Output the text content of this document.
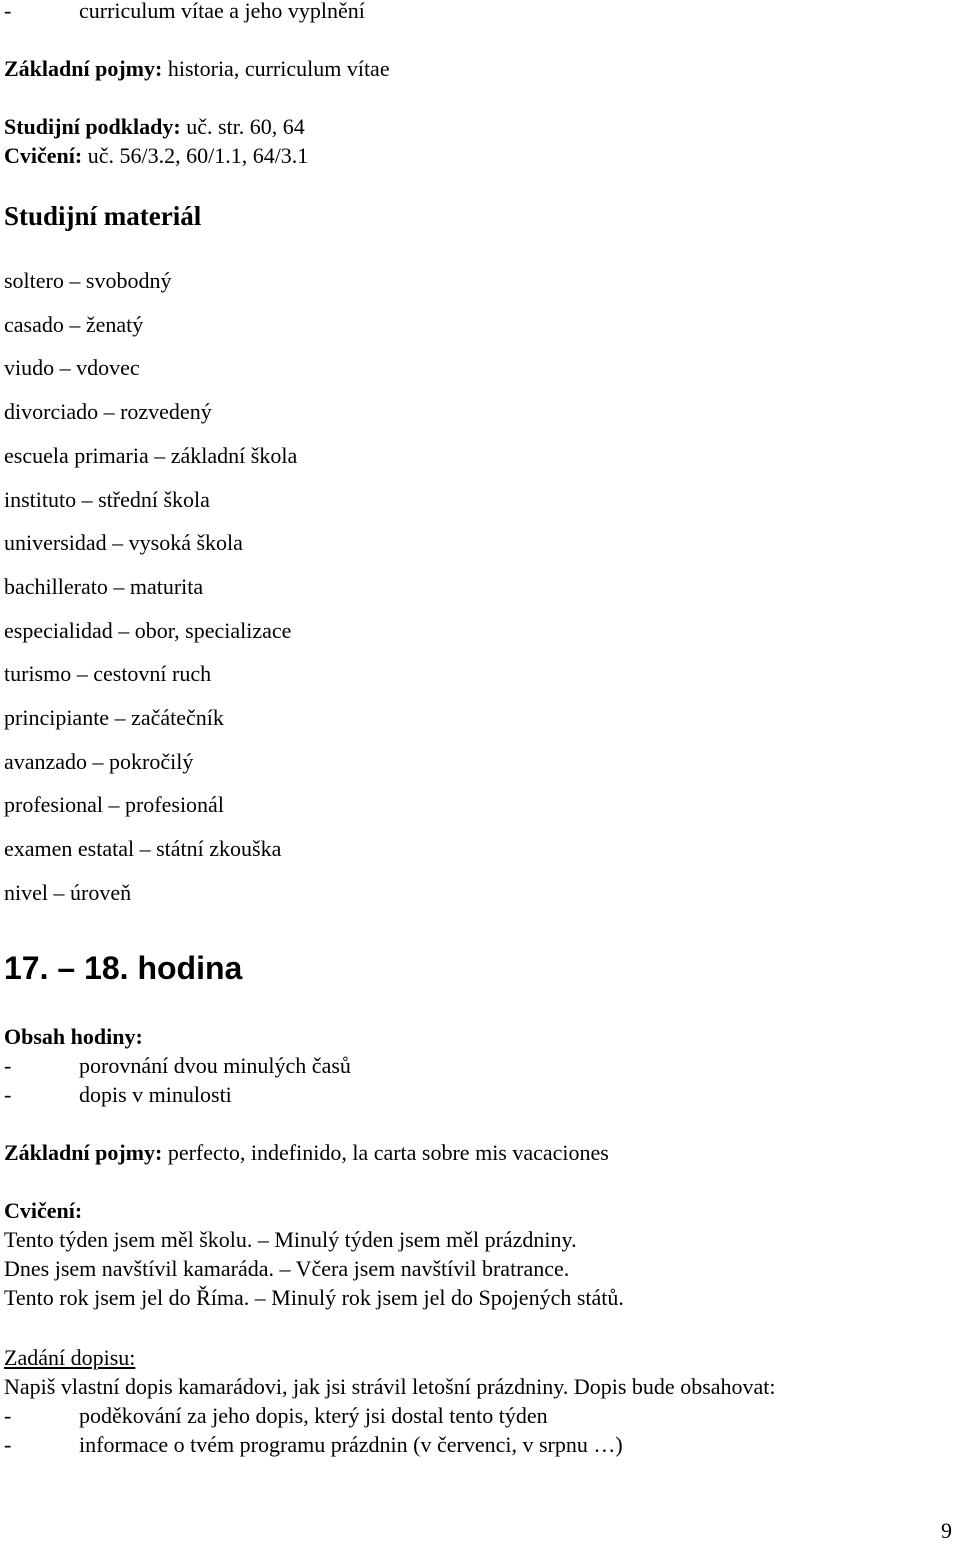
-	curriculum vítae a jeho vyplnění
Základní pojmy: historia, curriculum vítae
Studijní podklady: uč. str. 60, 64
Cvičení: uč. 56/3.2, 60/1.1, 64/3.1
Studijní materiál
soltero – svobodný
casado – ženatý
viudo – vdovec
divorciado – rozvedený
escuela primaria – základní škola
instituto – střední škola
universidad – vysoká škola
bachillerato – maturita
especialidad – obor, specializace
turismo – cestovní ruch
principiante – začátečník
avanzado – pokročilý
profesional – profesionál
examen estatal – státní zkouška
nivel – úroveň
17. – 18. hodina
Obsah hodiny:
-	porovnání dvou minulých časů
-	dopis v minulosti
Základní pojmy: perfecto, indefinido, la carta sobre mis vacaciones
Cvičení:
Tento týden jsem měl školu. – Minulý týden jsem měl prázdniny.
Dnes jsem navštívil kamaráda. – Včera jsem navštívil bratrance.
Tento rok jsem jel do Říma. – Minulý rok jsem jel do Spojených států.
Zadání dopisu:
Napiš vlastní dopis kamarádovi, jak jsi strávil letošní prázdniny. Dopis bude obsahovat:
-	poděkování za jeho dopis, který jsi dostal tento týden
-	informace o tvém programu prázdnin (v červenci, v srpnu …)
9
